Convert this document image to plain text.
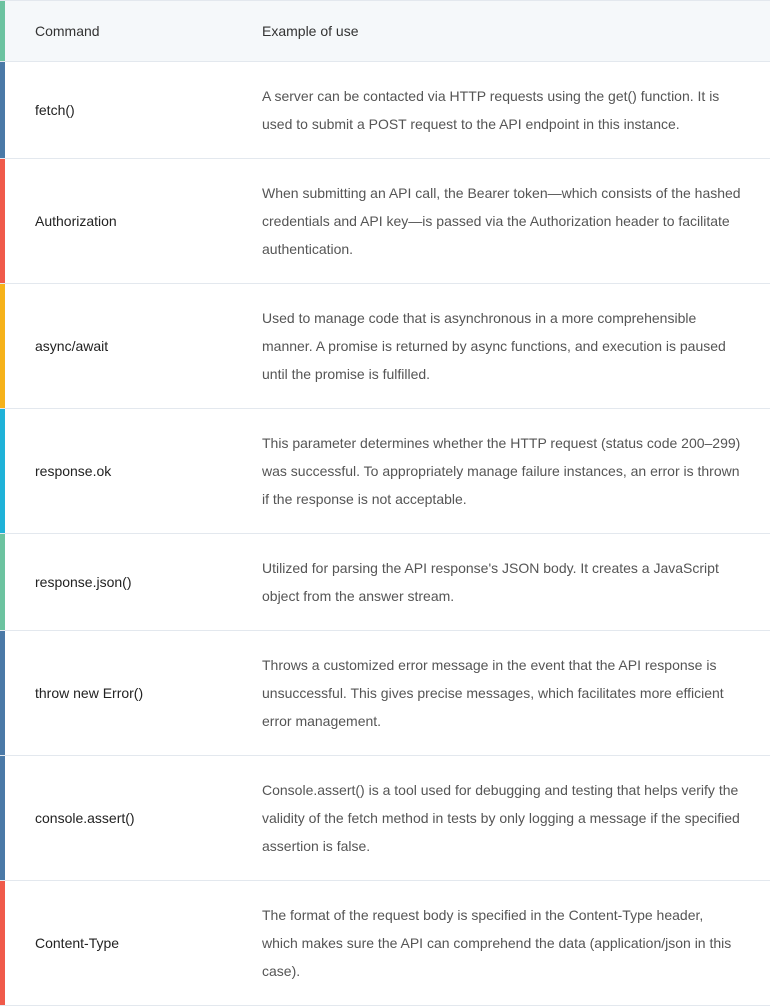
Command	Example of use
fetch()
A server can be contacted via HTTP requests using the get() function. It is used to submit a POST request to the API endpoint in this instance.
Authorization
When submitting an API call, the Bearer token—which consists of the hashed credentials and API key—is passed via the Authorization header to facilitate authentication.
async/await
Used to manage code that is asynchronous in a more comprehensible manner. A promise is returned by async functions, and execution is paused until the promise is fulfilled.
response.ok
This parameter determines whether the HTTP request (status code 200–299) was successful. To appropriately manage failure instances, an error is thrown if the response is not acceptable.
response.json()
Utilized for parsing the API response's JSON body. It creates a JavaScript object from the answer stream.
throw new Error()
Throws a customized error message in the event that the API response is unsuccessful. This gives precise messages, which facilitates more efficient error management.
console.assert()
Console.assert() is a tool used for debugging and testing that helps verify the validity of the fetch method in tests by only logging a message if the specified assertion is false.
Content-Type
The format of the request body is specified in the Content-Type header, which makes sure the API can comprehend the data (application/json in this case).
